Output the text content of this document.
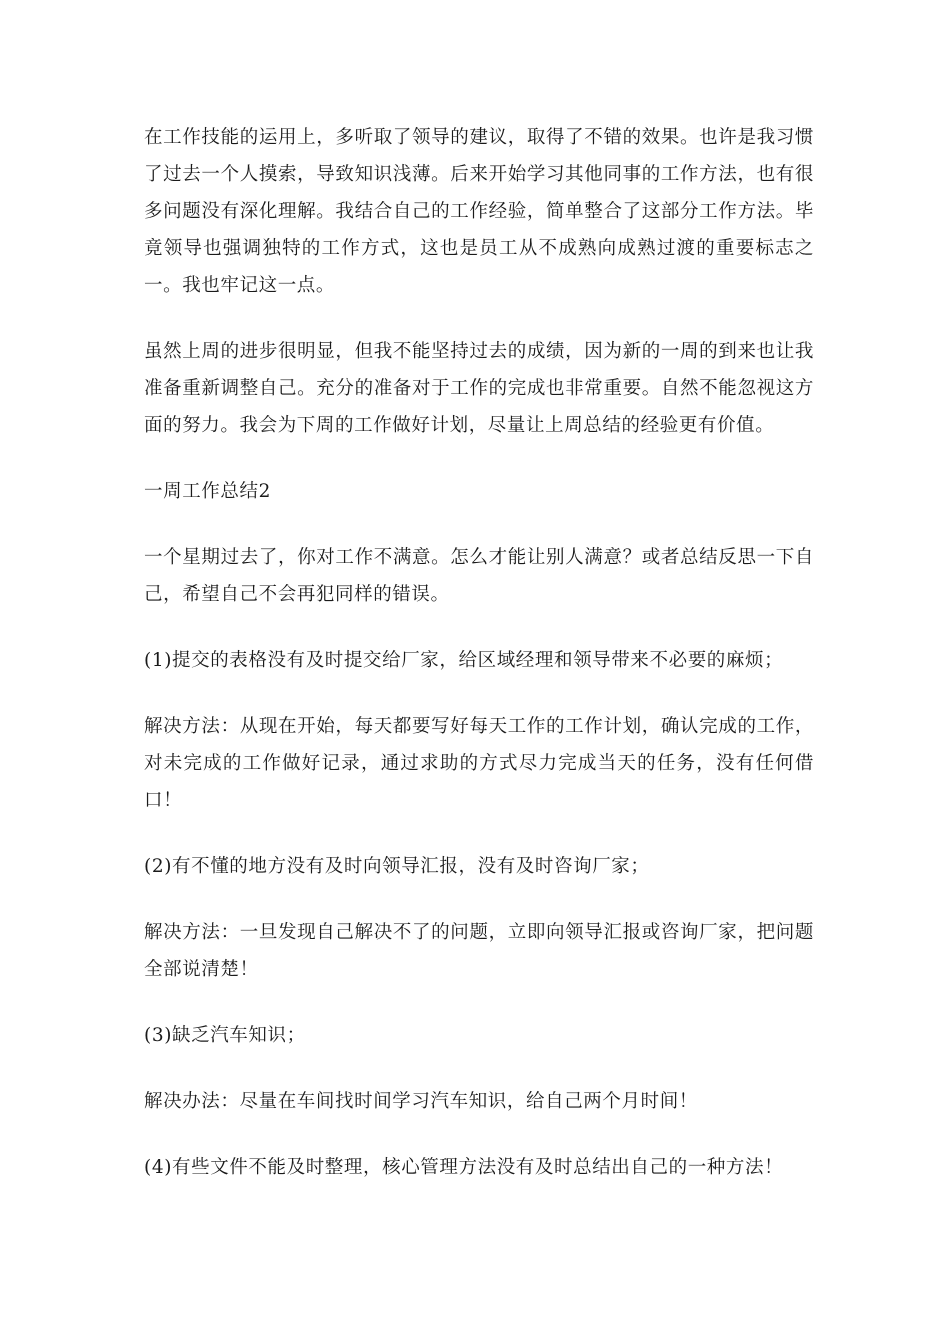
在工作技能的运用上，多听取了领导的建议，取得了不错的效果。也许是我习惯了过去一个人摸索，导致知识浅薄。后来开始学习其他同事的工作方法，也有很多问题没有深化理解。我结合自己的工作经验，简单整合了这部分工作方法。毕竟领导也强调独特的工作方式，这也是员工从不成熟向成熟过渡的重要标志之一。我也牢记这一点。

虽然上周的进步很明显，但我不能坚持过去的成绩，因为新的一周的到来也让我准备重新调整自己。充分的准备对于工作的完成也非常重要。自然不能忽视这方面的努力。我会为下周的工作做好计划，尽量让上周总结的经验更有价值。

一周工作总结2

一个星期过去了，你对工作不满意。怎么才能让别人满意？或者总结反思一下自己，希望自己不会再犯同样的错误。

(1)提交的表格没有及时提交给厂家，给区域经理和领导带来不必要的麻烦；

解决方法：从现在开始，每天都要写好每天工作的工作计划，确认完成的工作，对未完成的工作做好记录，通过求助的方式尽力完成当天的任务，没有任何借口！

(2)有不懂的地方没有及时向领导汇报，没有及时咨询厂家；

解决方法：一旦发现自己解决不了的问题，立即向领导汇报或咨询厂家，把问题全部说清楚！

(3)缺乏汽车知识；

解决办法：尽量在车间找时间学习汽车知识，给自己两个月时间！

(4)有些文件不能及时整理，核心管理方法没有及时总结出自己的一种方法！
